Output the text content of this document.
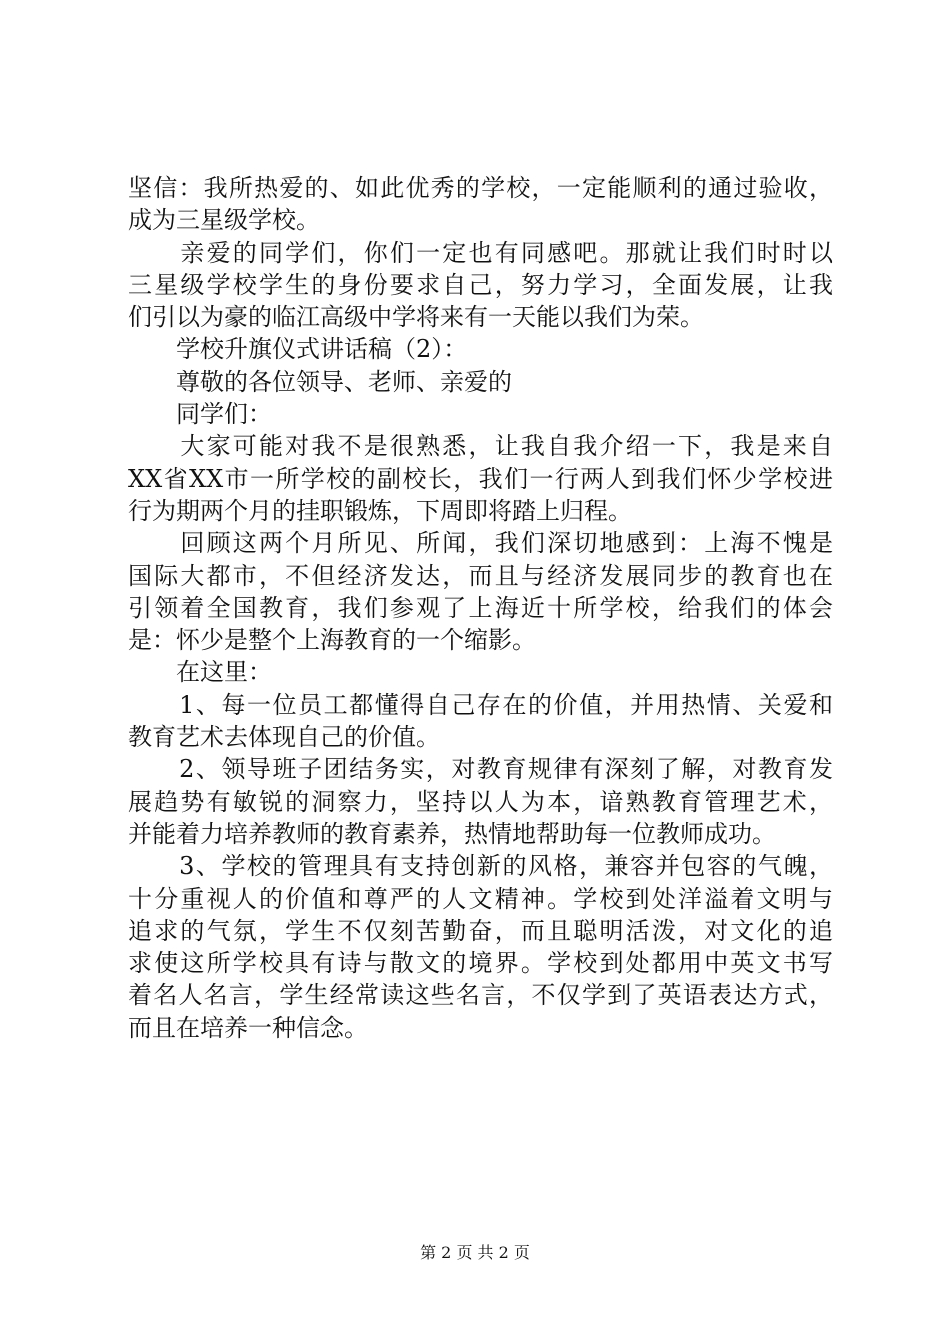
坚信：我所热爱的、如此优秀的学校，一定能顺利的通过验收，
成为三星级学校。
　　亲爱的同学们，你们一定也有同感吧。那就让我们时时以
三星级学校学生的身份要求自己，努力学习，全面发展，让我
们引以为豪的临江高级中学将来有一天能以我们为荣。
　　学校升旗仪式讲话稿（2）：
　　尊敬的各位领导、老师、亲爱的
　　同学们：
　　大家可能对我不是很熟悉，让我自我介绍一下，我是来自
XX省XX市一所学校的副校长，我们一行两人到我们怀少学校进
行为期两个月的挂职锻炼，下周即将踏上归程。
　　回顾这两个月所见、所闻，我们深切地感到：上海不愧是
国际大都市，不但经济发达，而且与经济发展同步的教育也在
引领着全国教育，我们参观了上海近十所学校，给我们的体会
是：怀少是整个上海教育的一个缩影。
　　在这里：
　　1、每一位员工都懂得自己存在的价值，并用热情、关爱和
教育艺术去体现自己的价值。
　　2、领导班子团结务实，对教育规律有深刻了解，对教育发
展趋势有敏锐的洞察力，坚持以人为本，谙熟教育管理艺术，
并能着力培养教师的教育素养，热情地帮助每一位教师成功。
　　3、学校的管理具有支持创新的风格，兼容并包容的气魄，
十分重视人的价值和尊严的人文精神。学校到处洋溢着文明与
追求的气氛，学生不仅刻苦勤奋，而且聪明活泼，对文化的追
求使这所学校具有诗与散文的境界。学校到处都用中英文书写
着名人名言，学生经常读这些名言，不仅学到了英语表达方式，
而且在培养一种信念。
第 2 页 共 2 页
